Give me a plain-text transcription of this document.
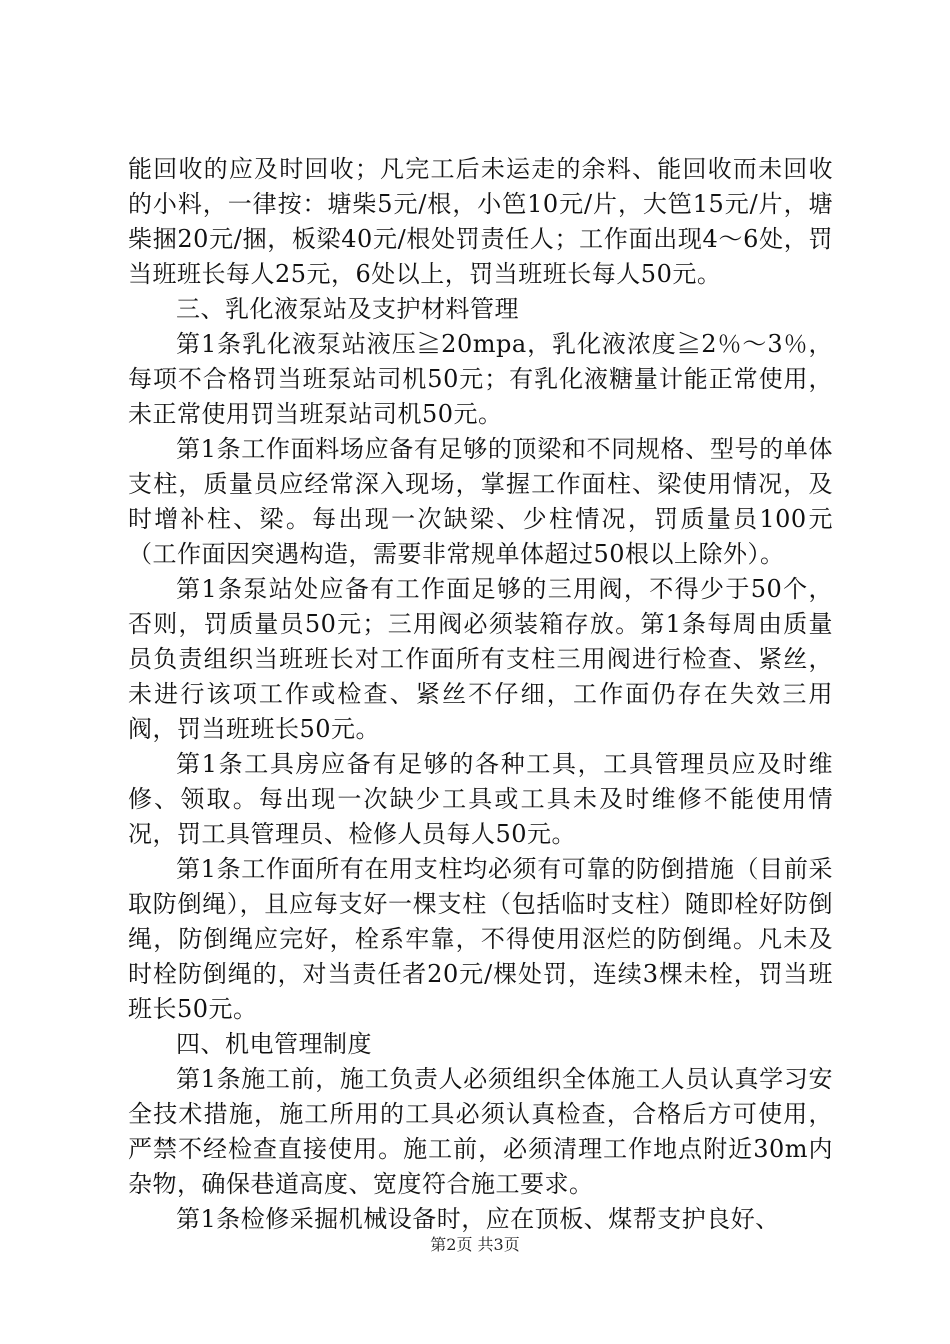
能回收的应及时回收；凡完工后未运走的余料、能回收而未回收的小料，一律按：塘柴5元/根，小笆10元/片，大笆15元/片，塘柴捆20元/捆，板梁40元/根处罚责任人；工作面出现4～6处，罚当班班长每人25元，6处以上，罚当班班长每人50元。

三、乳化液泵站及支护材料管理

第1条乳化液泵站液压≧20mpa，乳化液浓度≧2％～3％，每项不合格罚当班泵站司机50元；有乳化液糖量计能正常使用，未正常使用罚当班泵站司机50元。

第1条工作面料场应备有足够的顶梁和不同规格、型号的单体支柱，质量员应经常深入现场，掌握工作面柱、梁使用情况，及时增补柱、梁。每出现一次缺梁、少柱情况，罚质量员100元（工作面因突遇构造，需要非常规单体超过50根以上除外）。

第1条泵站处应备有工作面足够的三用阀，不得少于50个，否则，罚质量员50元；三用阀必须装箱存放。第1条每周由质量员负责组织当班班长对工作面所有支柱三用阀进行检查、紧丝，未进行该项工作或检查、紧丝不仔细，工作面仍存在失效三用阀，罚当班班长50元。

第1条工具房应备有足够的各种工具，工具管理员应及时维修、领取。每出现一次缺少工具或工具未及时维修不能使用情况，罚工具管理员、检修人员每人50元。

第1条工作面所有在用支柱均必须有可靠的防倒措施（目前采取防倒绳），且应每支好一棵支柱（包括临时支柱）随即栓好防倒绳，防倒绳应完好，栓系牢靠，不得使用沤烂的防倒绳。凡未及时栓防倒绳的，对当责任者20元/棵处罚，连续3棵未栓，罚当班班长50元。

四、机电管理制度

第1条施工前，施工负责人必须组织全体施工人员认真学习安全技术措施，施工所用的工具必须认真检查，合格后方可使用，严禁不经检查直接使用。施工前，必须清理工作地点附近30m内杂物，确保巷道高度、宽度符合施工要求。

第1条检修采掘机械设备时，应在顶板、煤帮支护良好、

第2页 共3页
